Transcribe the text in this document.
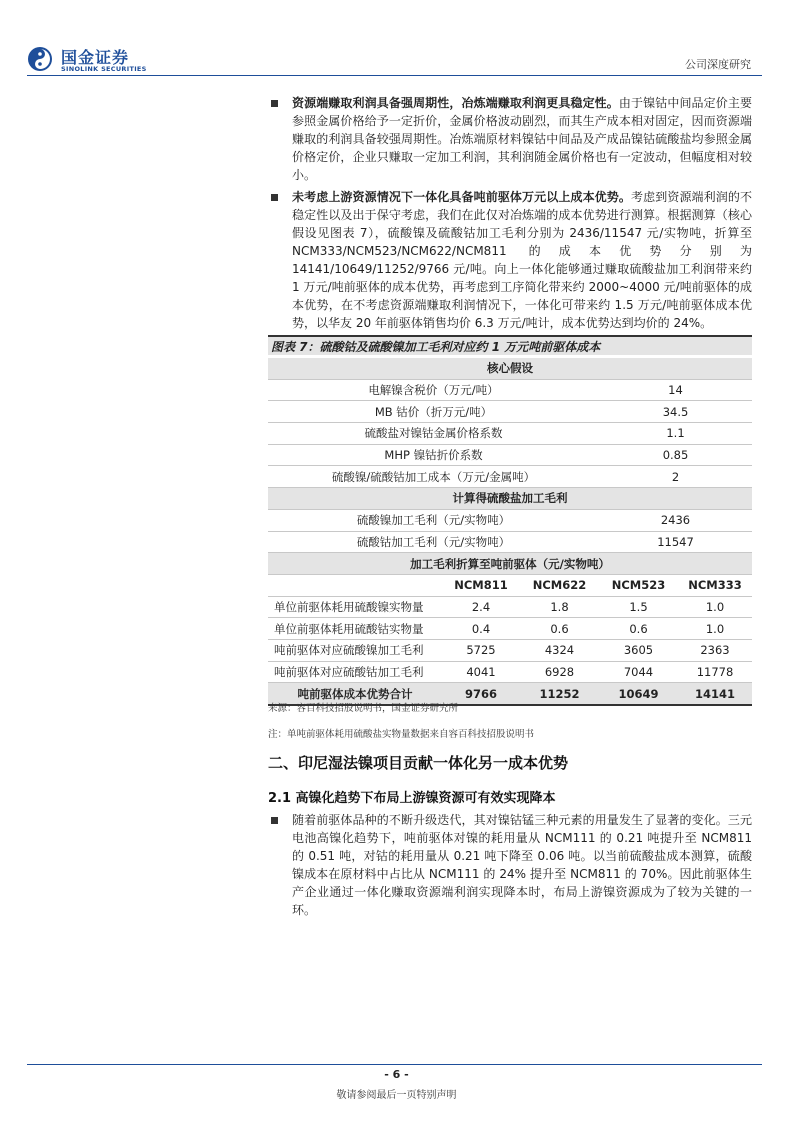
国金证券
SINOLINK SECURITIES	公司深度研究
资源端赚取利润具备强周期性，冶炼端赚取利润更具稳定性。由于镍钴中间品定价主要参照金属价格给予一定折价，金属价格波动剧烈，而其生产成本相对固定，因而资源端赚取的利润具备较强周期性。冶炼端原材料镍钴中间品及产成品镍钴硫酸盐均参照金属价格定价，企业只赚取一定加工利润，其利润随金属价格也有一定波动，但幅度相对较小。
未考虑上游资源情况下一体化具备吨前驱体万元以上成本优势。考虑到资源端利润的不稳定性以及出于保守考虑，我们在此仅对冶炼端的成本优势进行测算。根据测算（核心假设见图表 7），硫酸镍及硫酸钴加工毛利分别为 2436/11547 元/实物吨，折算至 NCM333/NCM523/NCM622/NCM811 的成本优势分别为 14141/10649/11252/9766 元/吨。向上一体化能够通过赚取硫酸盐加工利润带来约 1 万元/吨前驱体的成本优势，再考虑到工序简化带来约 2000~4000 元/吨前驱体的成本优势，在不考虑资源端赚取利润情况下，一体化可带来约 1.5 万元/吨前驱体成本优势，以华友 20 年前驱体销售均价 6.3 万元/吨计，成本优势达到均价的 24%。
图表 7：硫酸钴及硫酸镍加工毛利对应约 1 万元吨前驱体成本
核心假设				
电解镍含税价（万元/吨）			14	
MB 钴价（折万元/吨）			34.5	
硫酸盐对镍钴金属价格系数			1.1	
MHP 镍钴折价系数			0.85	
硫酸镍/硫酸钴加工成本（万元/金属吨）			2	
计算得硫酸盐加工毛利				
硫酸镍加工毛利（元/实物吨）			2436	
硫酸钴加工毛利（元/实物吨）			11547	
加工毛利折算至吨前驱体（元/实物吨）				
	NCM811	NCM622	NCM523	NCM333
单位前驱体耗用硫酸镍实物量	2.4	1.8	1.5	1.0
单位前驱体耗用硫酸钴实物量	0.4	0.6	0.6	1.0
吨前驱体对应硫酸镍加工毛利	5725	4324	3605	2363
吨前驱体对应硫酸钴加工毛利	4041	6928	7044	11778
吨前驱体成本优势合计	9766	11252	10649	14141
来源：容百科技招股说明书，国金证券研究所
注：单吨前驱体耗用硫酸盐实物量数据来自容百科技招股说明书
二、印尼湿法镍项目贡献一体化另一成本优势
2.1 高镍化趋势下布局上游镍资源可有效实现降本
随着前驱体品种的不断升级迭代，其对镍钴锰三种元素的用量发生了显著的变化。三元电池高镍化趋势下，吨前驱体对镍的耗用量从 NCM111 的 0.21 吨提升至 NCM811 的 0.51 吨，对钴的耗用量从 0.21 吨下降至 0.06 吨。以当前硫酸盐成本测算，硫酸镍成本在原材料中占比从 NCM111 的 24% 提升至 NCM811 的 70%。因此前驱体生产企业通过一体化赚取资源端利润实现降本时，布局上游镍资源成为了较为关键的一环。
- 6 -
敬请参阅最后一页特别声明
